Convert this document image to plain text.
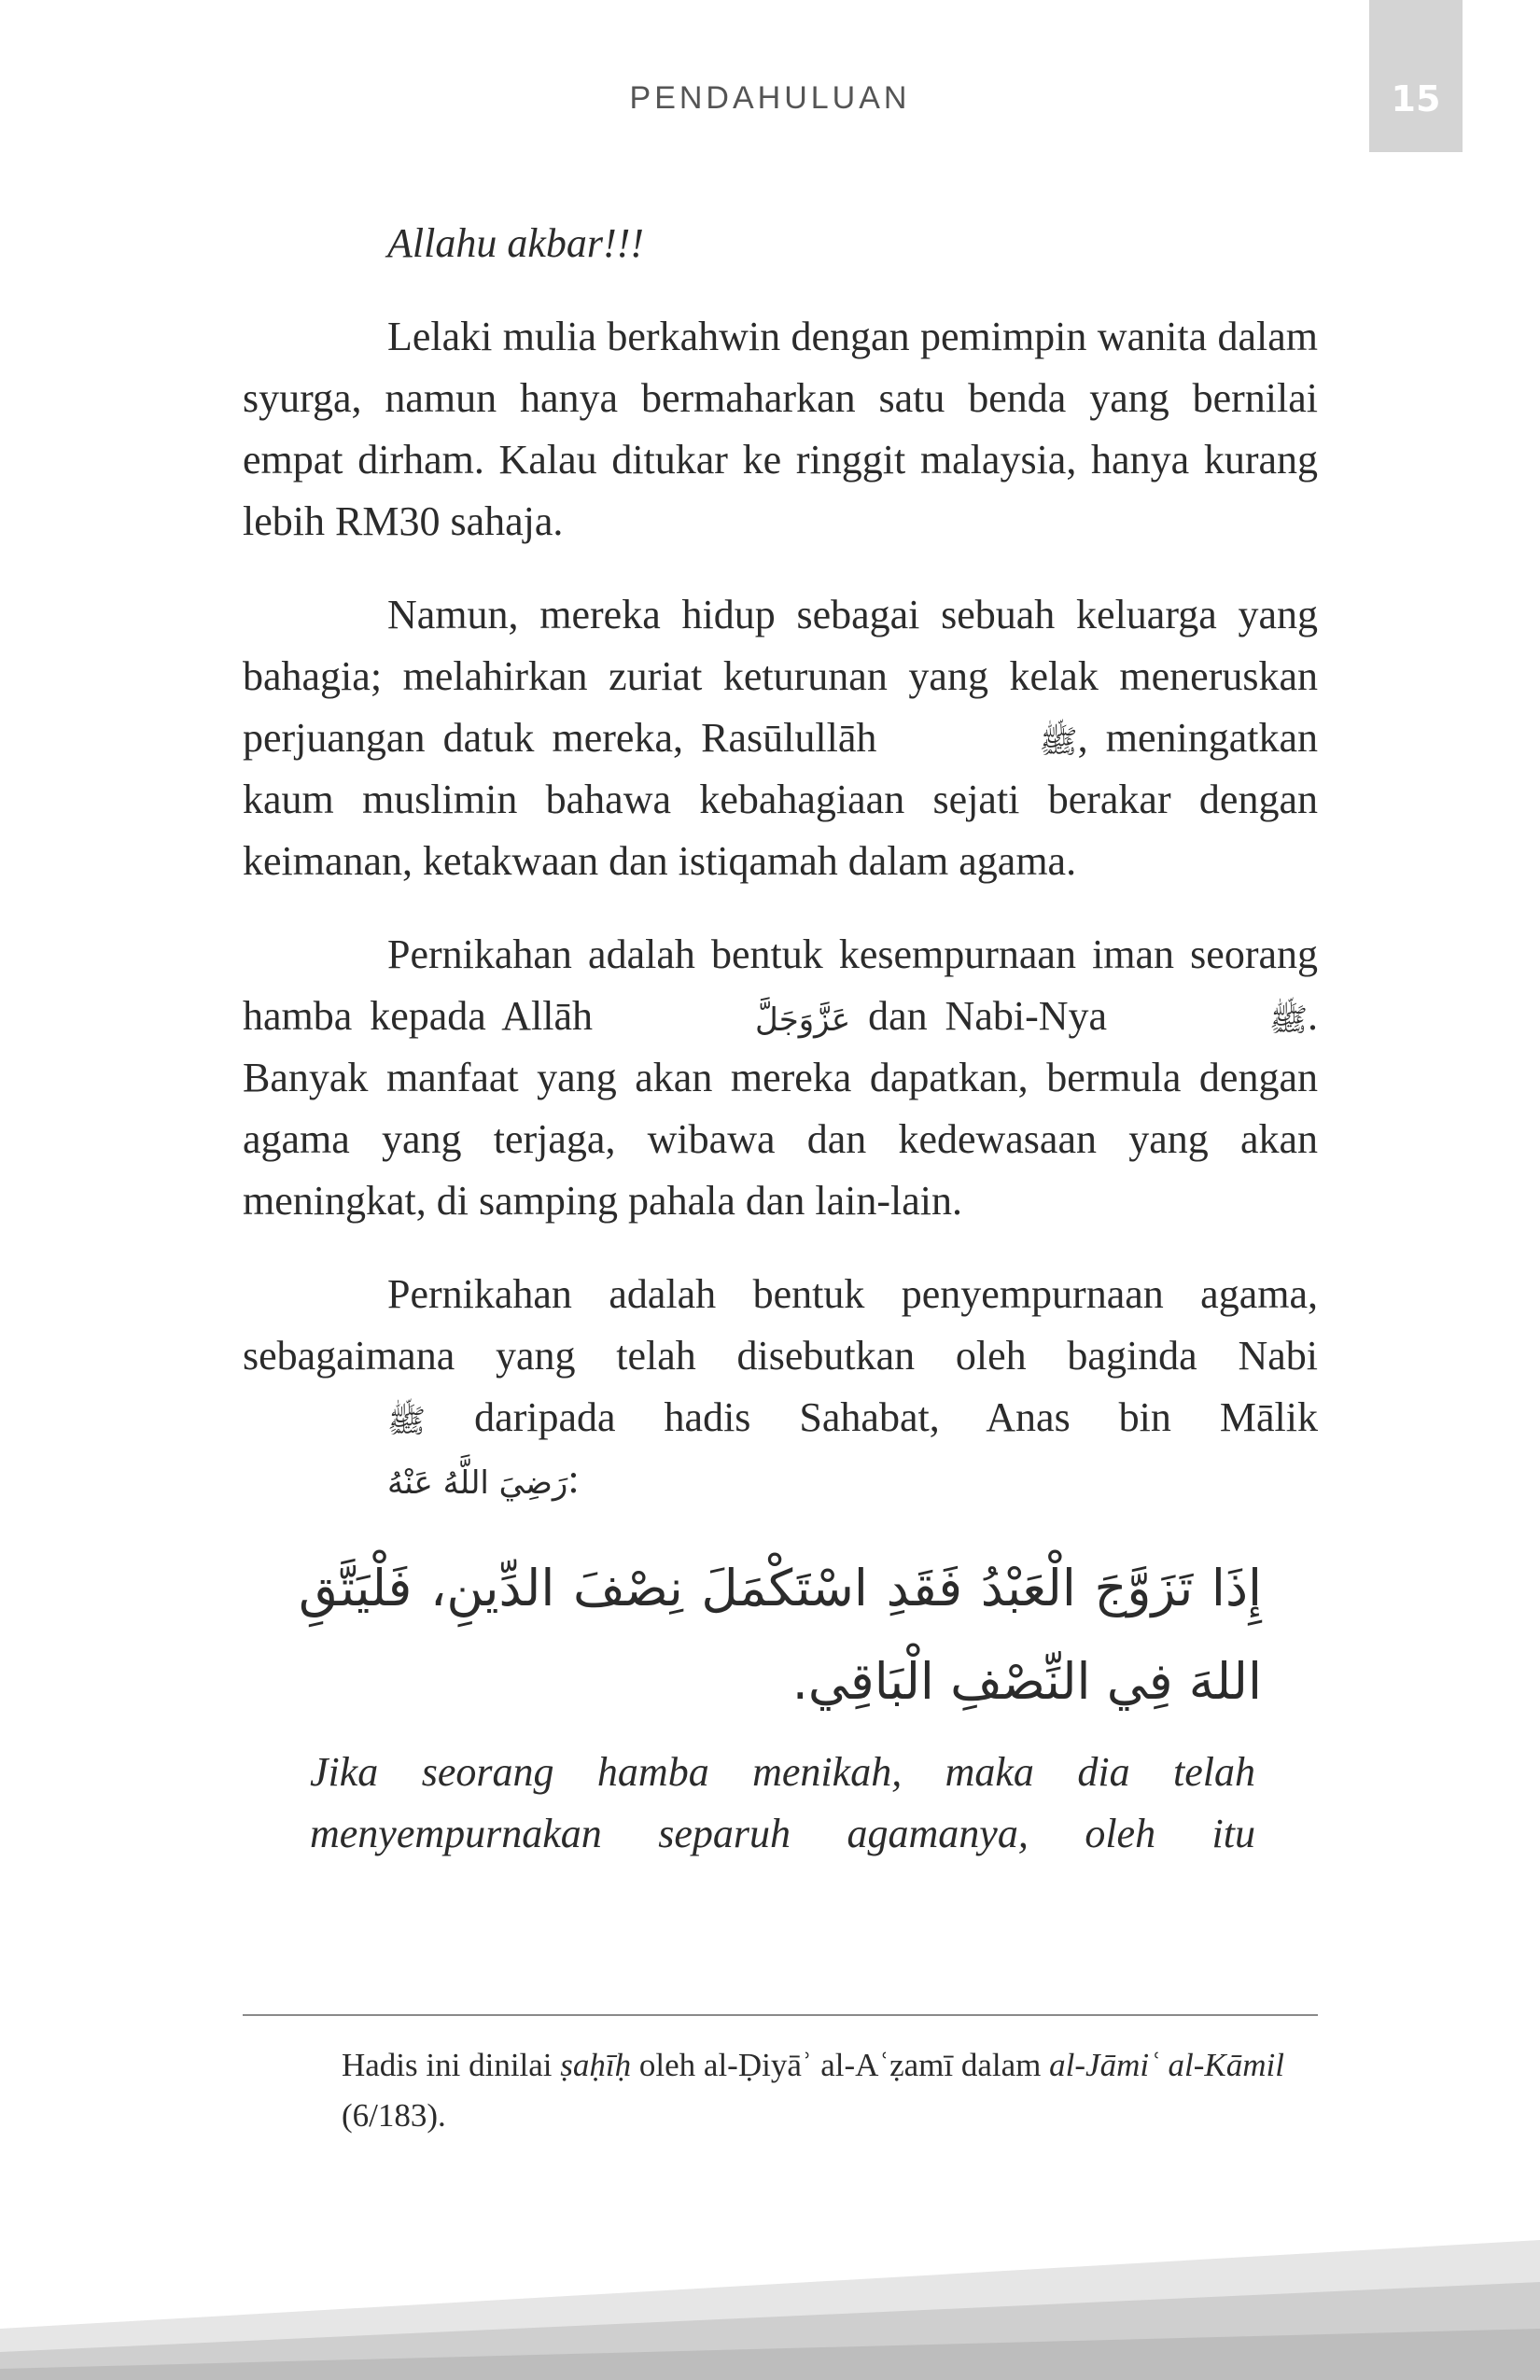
PENDAHULUAN	15

Allahu akbar!!!

Lelaki mulia berkahwin dengan pemimpin wanita dalam syurga, namun hanya bermaharkan satu benda yang bernilai empat dirham. Kalau ditukar ke ringgit malaysia, hanya kurang lebih RM30 sahaja.

Namun, mereka hidup sebagai sebuah keluarga yang bahagia; melahirkan zuriat keturunan yang kelak meneruskan perjuangan datuk mereka, Rasūlullāh	ﷺ, meningatkan kaum muslimin bahawa kebahagiaan sejati berakar dengan keimanan, ketakwaan dan istiqamah dalam agama.

Pernikahan adalah bentuk kesempurnaan iman seorang hamba kepada Allāh	عَزَّوَجَلَّ dan Nabi-Nya	ﷺ. Banyak manfaat yang akan mereka dapatkan, bermula dengan agama yang terjaga, wibawa dan kedewasaan yang akan meningkat, di samping pahala dan lain-lain.

Pernikahan adalah bentuk penyempurnaan agama, sebagaimana yang telah disebutkan oleh baginda Nabi ﷺ daripada hadis Sahabat, Anas bin Mālik رَضِيَ اللَّهُ عَنْهُ:

إِذَا تَزَوَّجَ الْعَبْدُ فَقَدِ اسْتَكْمَلَ نِصْفَ الدِّينِ، فَلْيَتَّقِ اللهَ فِي النِّصْفِ الْبَاقِي.
Jika seorang hamba menikah, maka dia telah menyempurnakan separuh agamanya, oleh itu
Hadis ini dinilai ṣaḥīḥ oleh al-Ḍiyāʾ al-Aʿẓamī dalam al-Jāmiʿ al-Kāmil (6/183).
